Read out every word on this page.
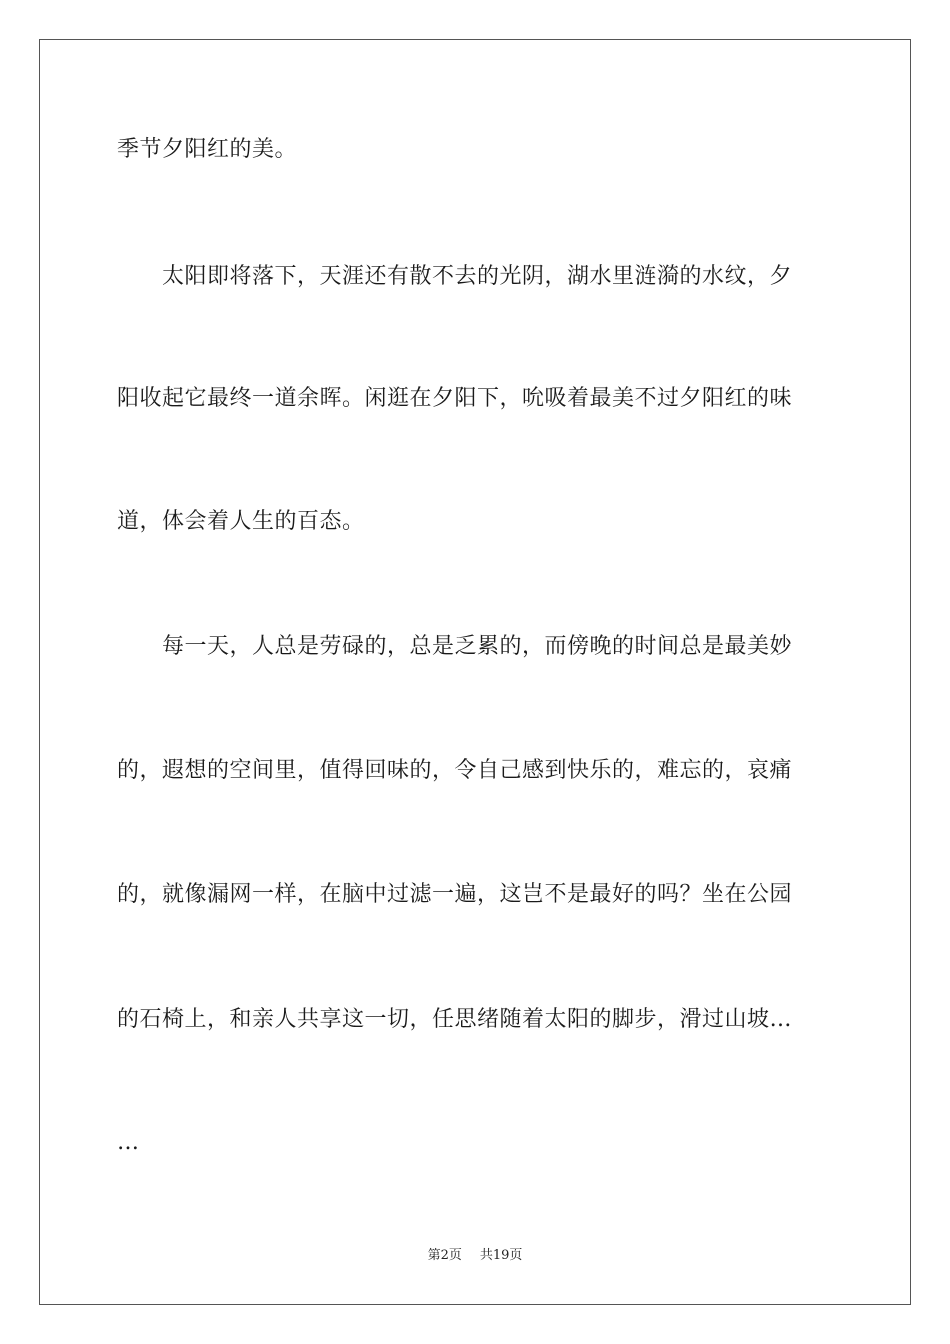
季节夕阳红的美。
　　太阳即将落下，天涯还有散不去的光阴，湖水里涟漪的水纹，夕
阳收起它最终一道余晖。闲逛在夕阳下，吮吸着最美不过夕阳红的味
道，体会着人生的百态。
　　每一天，人总是劳碌的，总是乏累的，而傍晚的时间总是最美妙
的，遐想的空间里，值得回味的，令自己感到快乐的，难忘的，哀痛
的，就像漏网一样，在脑中过滤一遍，这岂不是最好的吗？坐在公园
的石椅上，和亲人共享这一切，任思绪随着太阳的脚步，滑过山坡…
…
第2页 共19页
